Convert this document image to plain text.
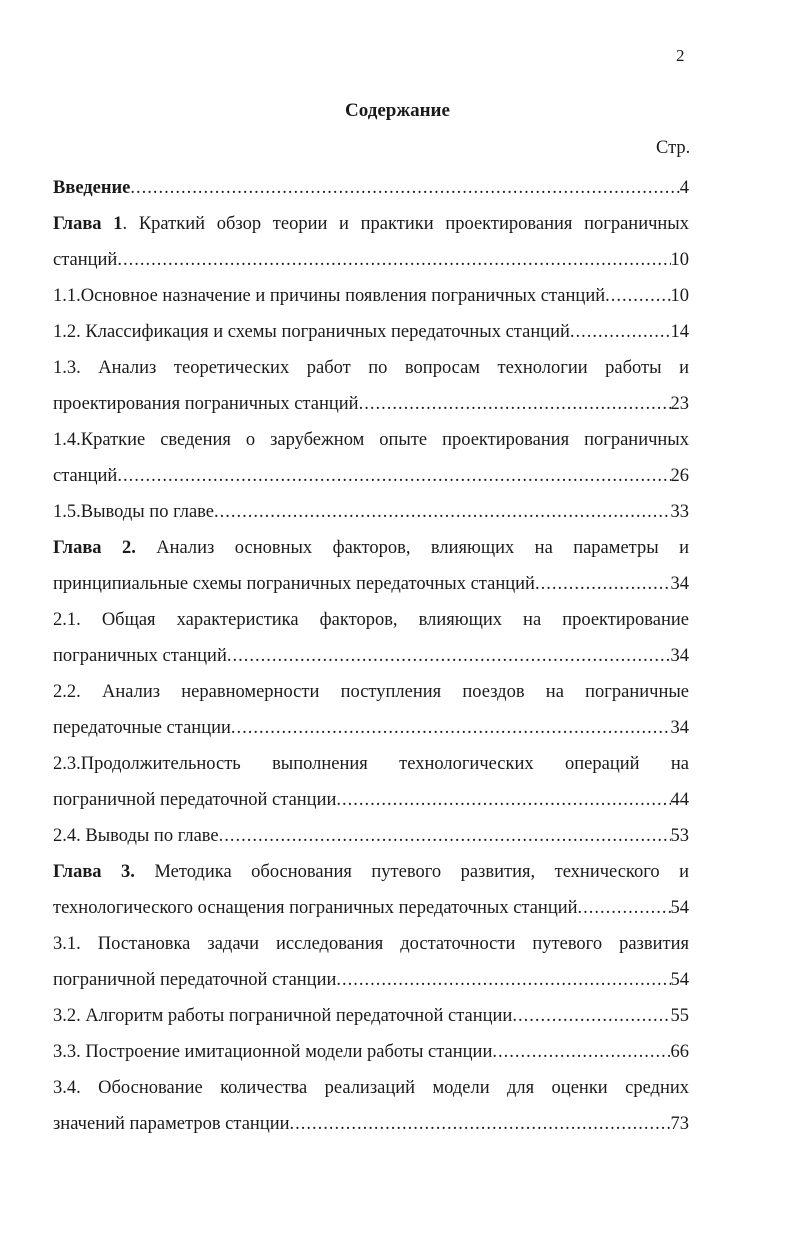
2
Содержание
Стр.
Введение .....	4
Глава 1. Краткий обзор теории и практики проектирования пограничных
станций .....	10
1.1.Основное назначение и причины появления пограничных станций .....	10
1.2. Классификация и схемы пограничных передаточных станций .....	14
1.3. Анализ теоретических работ по вопросам технологии работы и
проектирования пограничных станций .....	23
1.4.Краткие сведения о зарубежном опыте проектирования пограничных
станций .....	26
1.5.Выводы по главе .....	33
Глава 2. Анализ основных факторов, влияющих на параметры и
принципиальные схемы пограничных передаточных станций .....	34
2.1. Общая характеристика факторов, влияющих на проектирование
пограничных станций .....	34
2.2. Анализ неравномерности поступления поездов на пограничные
передаточные станции .....	34
2.3.Продолжительность выполнения технологических операций на
пограничной передаточной станции .....	44
2.4. Выводы по главе .....	53
Глава 3. Методика обоснования путевого развития, технического и
технологического оснащения пограничных передаточных станций .....	54
3.1. Постановка задачи исследования достаточности путевого развития
пограничной передаточной станции .....	54
3.2. Алгоритм работы пограничной передаточной станции .....	55
3.3. Построение имитационной модели работы станции .....	66
3.4. Обоснование количества реализаций модели для оценки средних
значений параметров станции .....	73
